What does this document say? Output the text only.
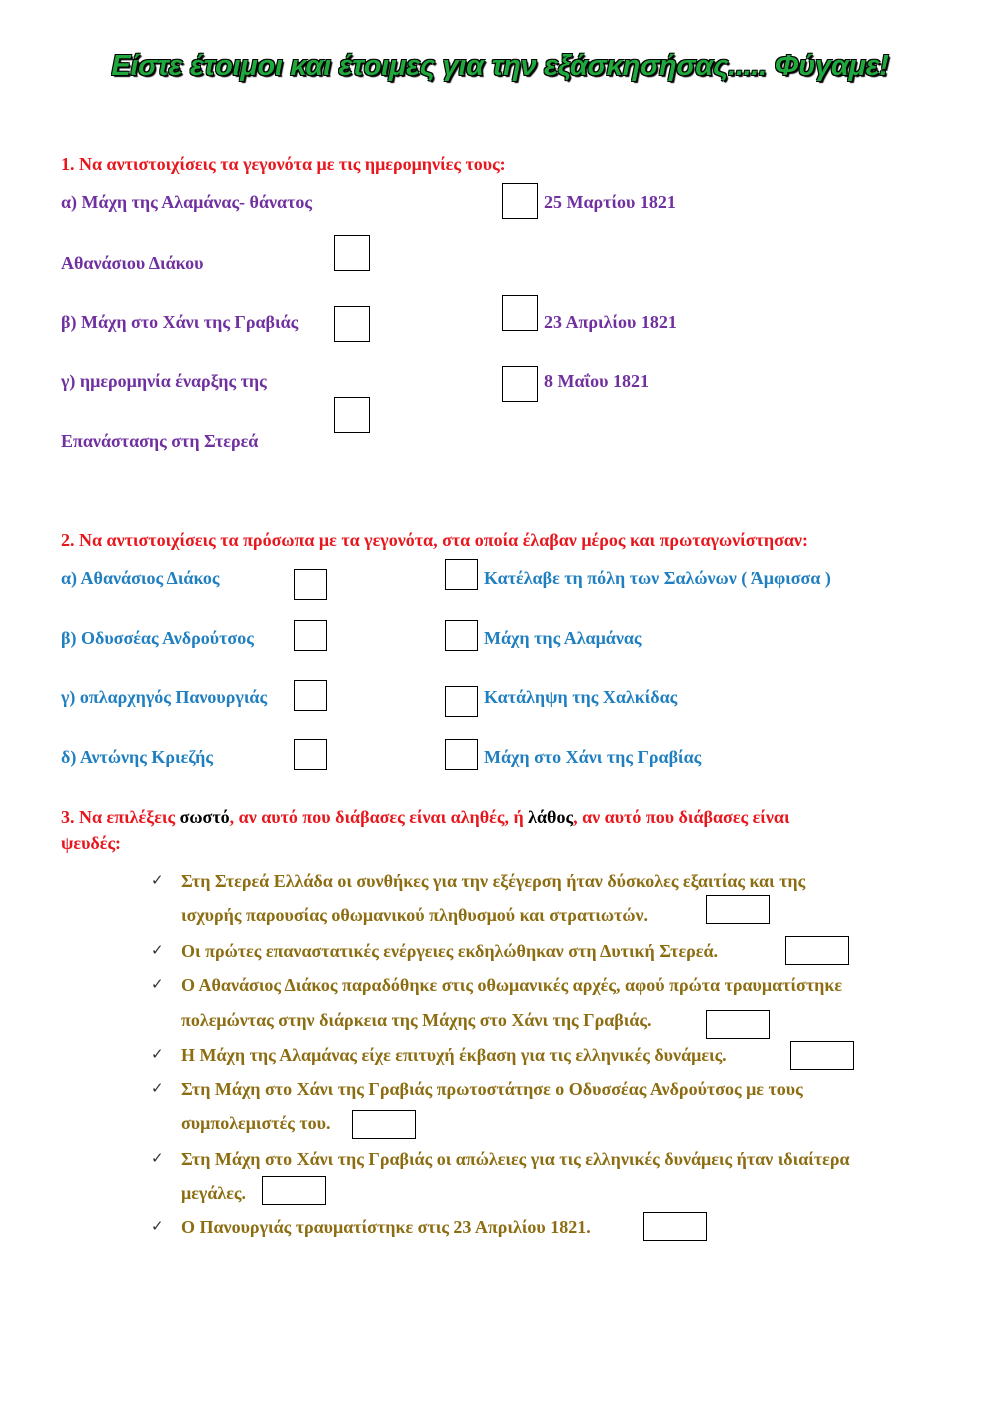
Είστε έτοιμοι και έτοιμες για την εξάσκησήσας..... Φύγαμε!
1. Να αντιστοιχίσεις τα γεγονότα με τις ημερομηνίες τους:
α) Μάχη της Αλαμάνας- θάνατος
Αθανάσιου Διάκου
β) Μάχη στο Χάνι της Γραβιάς
γ) ημερομηνία έναρξης της
Επανάστασης στη Στερεά
25 Μαρτίου 1821
23 Απριλίου 1821
8 Μαΐου 1821
2. Να αντιστοιχίσεις τα πρόσωπα με τα γεγονότα, στα οποία έλαβαν μέρος και πρωταγωνίστησαν:
α) Αθανάσιος Διάκος
β) Οδυσσέας Ανδρούτσος
γ) οπλαρχηγός Πανουργιάς
δ) Αντώνης Κριεζής
Κατέλαβε τη πόλη των Σαλώνων ( Άμφισσα )
Μάχη της Αλαμάνας
Κατάληψη της Χαλκίδας
Μάχη στο Χάνι της Γραβίας
3. Να επιλέξεις σωστό, αν αυτό που διάβασες είναι αληθές, ή λάθος, αν αυτό που διάβασες είναι
ψευδές:
✓ Στη Στερεά Ελλάδα οι συνθήκες για την εξέγερση ήταν δύσκολες εξαιτίας και της
ισχυρής παρουσίας οθωμανικού πληθυσμού και στρατιωτών.
✓ Οι πρώτες επαναστατικές ενέργειες εκδηλώθηκαν στη Δυτική Στερεά.
✓ Ο Αθανάσιος Διάκος παραδόθηκε στις οθωμανικές αρχές, αφού πρώτα τραυματίστηκε
πολεμώντας στην διάρκεια της Μάχης στο Χάνι της Γραβιάς.
✓ Η Μάχη της Αλαμάνας είχε επιτυχή έκβαση για τις ελληνικές δυνάμεις.
✓ Στη Μάχη στο Χάνι της Γραβιάς πρωτοστάτησε ο Οδυσσέας Ανδρούτσος με τους
συμπολεμιστές του.
✓ Στη Μάχη στο Χάνι της Γραβιάς οι απώλειες για τις ελληνικές δυνάμεις ήταν ιδιαίτερα
μεγάλες.
✓ Ο Πανουργιάς τραυματίστηκε στις 23 Απριλίου 1821.
